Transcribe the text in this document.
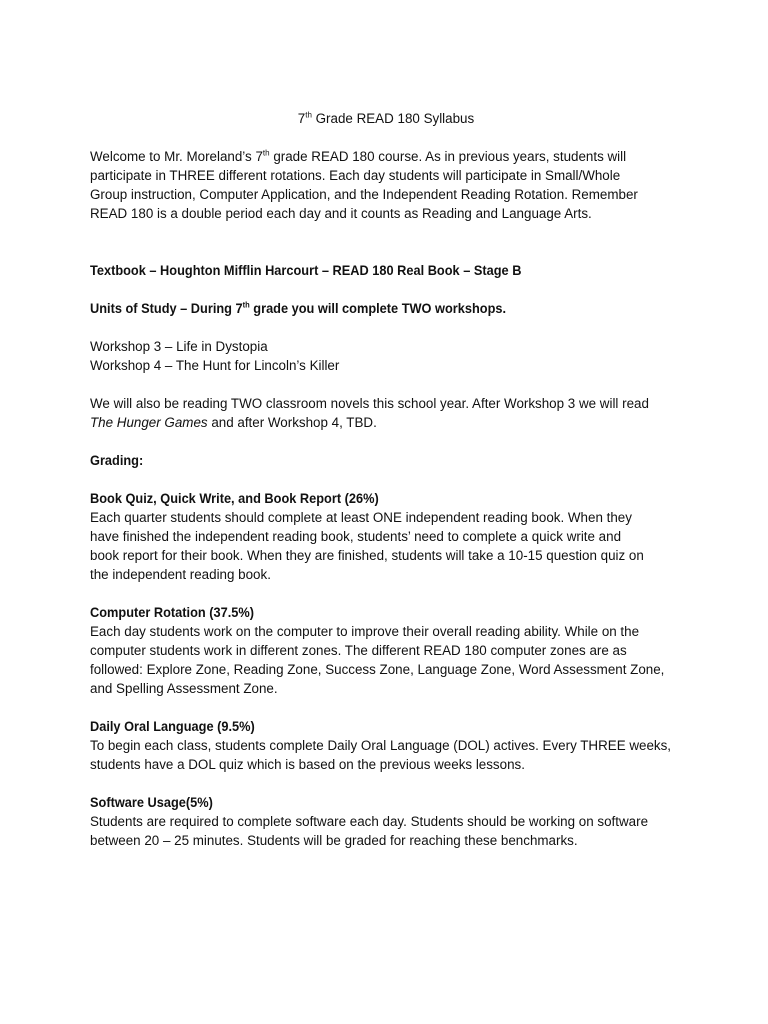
7th Grade READ 180 Syllabus
Welcome to Mr. Moreland’s 7th grade READ 180 course. As in previous years, students will
participate in THREE different rotations. Each day students will participate in Small/Whole
Group instruction, Computer Application, and the Independent Reading Rotation. Remember
READ 180 is a double period each day and it counts as Reading and Language Arts.

Textbook – Houghton Mifflin Harcourt – READ 180 Real Book – Stage B

Units of Study – During 7th grade you will complete TWO workshops.

Workshop 3 – Life in Dystopia
Workshop 4 – The Hunt for Lincoln’s Killer
We will also be reading TWO classroom novels this school year. After Workshop 3 we will read
The Hunger Games and after Workshop 4, TBD.

Grading:

Book Quiz, Quick Write, and Book Report (26%)

Each quarter students should complete at least ONE independent reading book. When they
have finished the independent reading book, students’ need to complete a quick write and
book report for their book. When they are finished, students will take a 10-15 question quiz on
the independent reading book.

Computer Rotation (37.5%)

Each day students work on the computer to improve their overall reading ability. While on the
computer students work in different zones. The different READ 180 computer zones are as
followed: Explore Zone, Reading Zone, Success Zone, Language Zone, Word Assessment Zone,
and Spelling Assessment Zone.

Daily Oral Language (9.5%)

To begin each class, students complete Daily Oral Language (DOL) actives. Every THREE weeks,
students have a DOL quiz which is based on the previous weeks lessons.

Software Usage(5%)

Students are required to complete software each day. Students should be working on software
between 20 – 25 minutes. Students will be graded for reaching these benchmarks.
